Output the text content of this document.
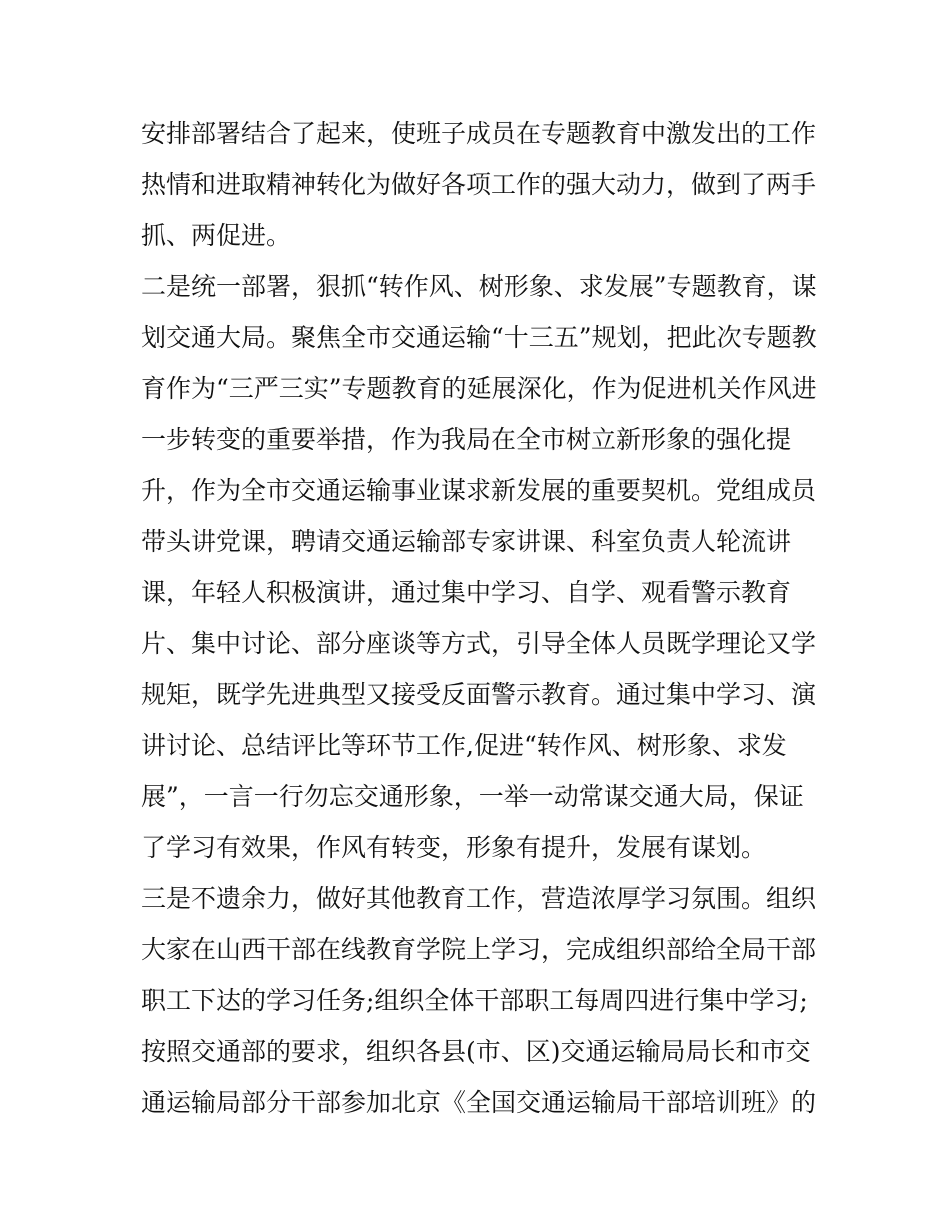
安排部署结合了起来，使班子成员在专题教育中激发出的工作
热情和进取精神转化为做好各项工作的强大动力，做到了两手
抓、两促进。
二是统一部署，狠抓“转作风、树形象、求发展”专题教育，谋
划交通大局。聚焦全市交通运输“十三五”规划，把此次专题教
育作为“三严三实”专题教育的延展深化，作为促进机关作风进
一步转变的重要举措，作为我局在全市树立新形象的强化提
升，作为全市交通运输事业谋求新发展的重要契机。党组成员
带头讲党课，聘请交通运输部专家讲课、科室负责人轮流讲
课，年轻人积极演讲，通过集中学习、自学、观看警示教育
片、集中讨论、部分座谈等方式，引导全体人员既学理论又学
规矩，既学先进典型又接受反面警示教育。通过集中学习、演
讲讨论、总结评比等环节工作,促进“转作风、树形象、求发
展”，一言一行勿忘交通形象，一举一动常谋交通大局，保证
了学习有效果，作风有转变，形象有提升，发展有谋划。
三是不遗余力，做好其他教育工作，营造浓厚学习氛围。组织
大家在山西干部在线教育学院上学习，完成组织部给全局干部
职工下达的学习任务;组织全体干部职工每周四进行集中学习;
按照交通部的要求，组织各县(市、区)交通运输局局长和市交
通运输局部分干部参加北京《全国交通运输局干部培训班》的
